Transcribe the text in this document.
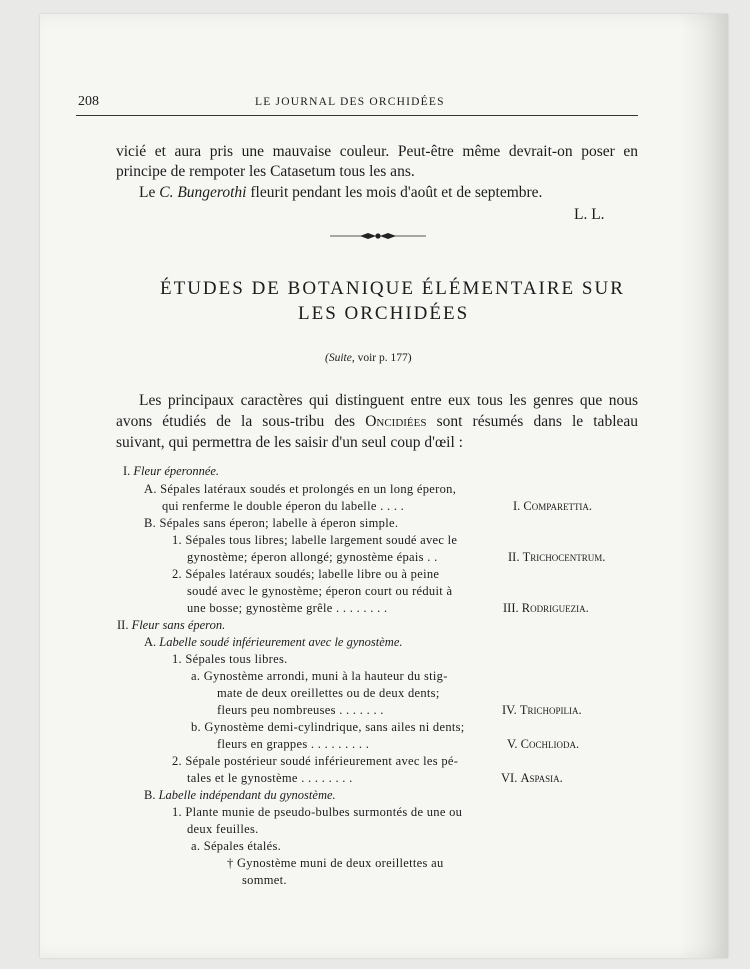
208	LE JOURNAL DES ORCHIDÉES
vicié et aura pris une mauvaise couleur. Peut-être même devrait-on poser en
principe de rempoter les Catasetum tous les ans.
Le C. Bungerothi fleurit pendant les mois d'août et de septembre.
L. L.
ÉTUDES DE BOTANIQUE ÉLÉMENTAIRE SUR
LES ORCHIDÉES
(Suite, voir p. 177)
Les principaux caractères qui distinguent entre eux tous les genres que nous
avons étudiés de la sous-tribu des Oncidiées sont résumés dans le tableau
suivant, qui permettra de les saisir d'un seul coup d'œil :
I. Fleur éperonnée.
A. Sépales latéraux soudés et prolongés en un long éperon,
qui renferme le double éperon du labelle . . . .
B. Sépales sans éperon; labelle à éperon simple.
1. Sépales tous libres; labelle largement soudé avec le
gynostème; éperon allongé; gynostème épais . .
2. Sépales latéraux soudés; labelle libre ou à peine
soudé avec le gynostème; éperon court ou réduit à
une bosse; gynostème grêle . . . . . . . .
II. Fleur sans éperon.
A. Labelle soudé inférieurement avec le gynostème.
1. Sépales tous libres.
a. Gynostème arrondi, muni à la hauteur du stig-
mate de deux oreillettes ou de deux dents;
fleurs peu nombreuses . . . . . . .
b. Gynostème demi-cylindrique, sans ailes ni dents;
fleurs en grappes . . . . . . . . .
2. Sépale postérieur soudé inférieurement avec les pé-
tales et le gynostème . . . . . . . .
B. Labelle indépendant du gynostème.
1. Plante munie de pseudo-bulbes surmontés de une ou
deux feuilles.
a. Sépales étalés.
† Gynostème muni de deux oreillettes au
sommet.
I. Comparettia.
II. Trichocentrum.
III. Rodriguezia.
IV. Trichopilia.
V. Cochlioda.
VI. Aspasia.
